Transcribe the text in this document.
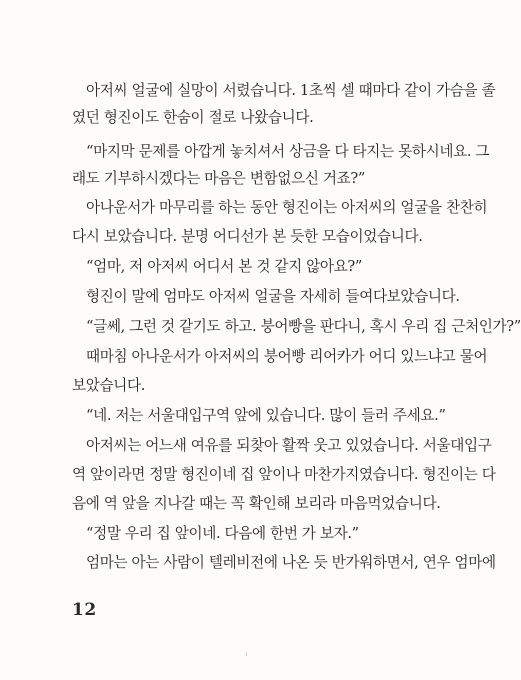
아저씨 얼굴에 실망이 서렸습니다. 1초씩 셀 때마다 같이 가슴을 졸
였던 형진이도 한숨이 절로 나왔습니다.
“마지막 문제를 아깝게 놓치셔서 상금을 다 타지는 못하시네요. 그
래도 기부하시겠다는 마음은 변함없으신 거죠?”
아나운서가 마무리를 하는 동안 형진이는 아저씨의 얼굴을 찬찬히
다시 보았습니다. 분명 어디선가 본 듯한 모습이었습니다.
“엄마, 저 아저씨 어디서 본 것 같지 않아요?”
형진이 말에 엄마도 아저씨 얼굴을 자세히 들여다보았습니다.
“글쎄, 그런 것 같기도 하고. 붕어빵을 판다니, 혹시 우리 집 근처인가?”
때마침 아나운서가 아저씨의 붕어빵 리어카가 어디 있느냐고 물어
보았습니다.
“네. 저는 서울대입구역 앞에 있습니다. 많이 들러 주세요.”
아저씨는 어느새 여유를 되찾아 활짝 웃고 있었습니다. 서울대입구
역 앞이라면 정말 형진이네 집 앞이나 마찬가지였습니다. 형진이는 다
음에 역 앞을 지나갈 때는 꼭 확인해 보리라 마음먹었습니다.
“정말 우리 집 앞이네. 다음에 한번 가 보자.”
엄마는 아는 사람이 텔레비전에 나온 듯 반가워하면서, 연우 엄마에
12
